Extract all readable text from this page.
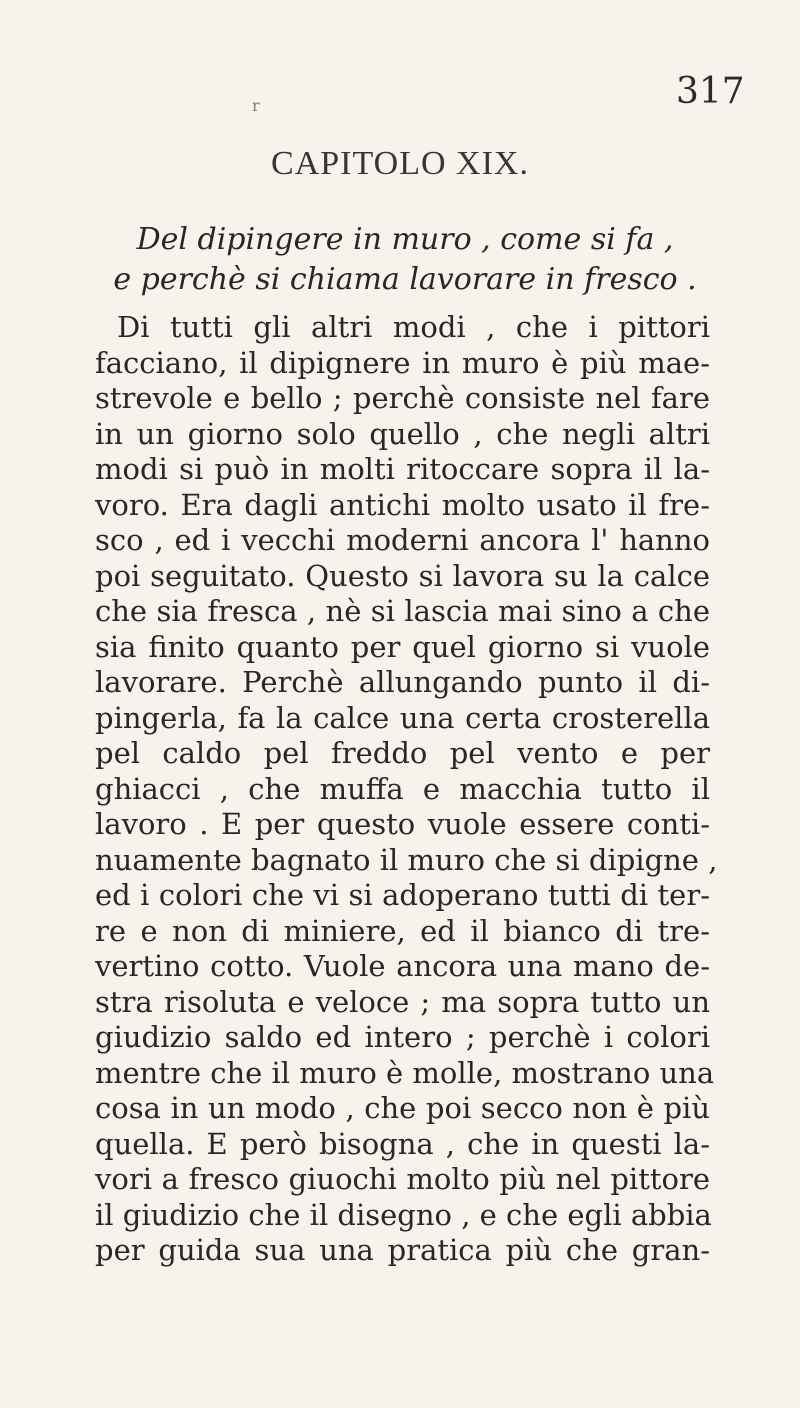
r	317
CAPITOLO XIX.
Del dipingere in muro , come si fa ,
e perchè si chiama lavorare in fresco .
Di tutti gli altri modi , che i pittori
facciano, il dipignere in muro è più mae-
strevole e bello ; perchè consiste nel fare
in un giorno solo quello , che negli altri
modi si può in molti ritoccare sopra il la-
voro. Era dagli antichi molto usato il fre-
sco , ed i vecchi moderni ancora l' hanno
poi seguitato. Questo si lavora su la calce
che sia fresca , nè si lascia mai sino a che
sia finito quanto per quel giorno si vuole
lavorare. Perchè allungando punto il di-
pingerla, fa la calce una certa crosterella
pel caldo pel freddo pel vento e per
ghiacci , che muffa e macchia tutto il
lavoro . E per questo vuole essere conti-
nuamente bagnato il muro che si dipigne ,
ed i colori che vi si adoperano tutti di ter-
re e non di miniere, ed il bianco di tre-
vertino cotto. Vuole ancora una mano de-
stra risoluta e veloce ; ma sopra tutto un
giudizio saldo ed intero ; perchè i colori
mentre che il muro è molle, mostrano una
cosa in un modo , che poi secco non è più
quella. E però bisogna , che in questi la-
vori a fresco giuochi molto più nel pittore
il giudizio che il disegno , e che egli abbia
per guida sua una pratica più che gran-
